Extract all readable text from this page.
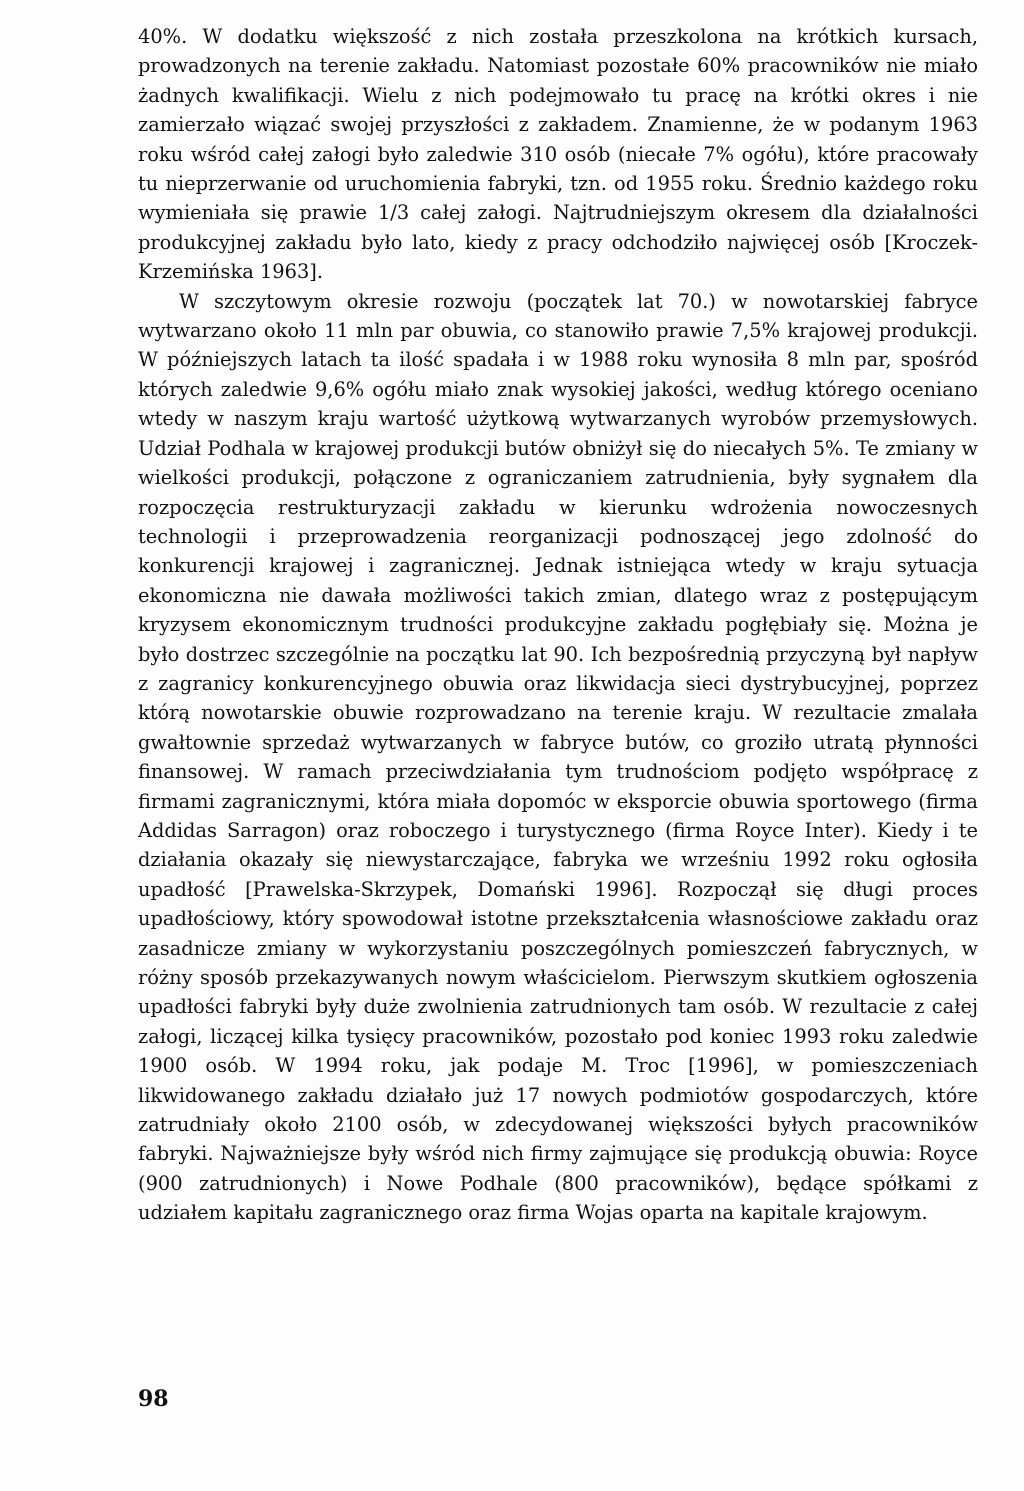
40%. W dodatku większość z nich została przeszkolona na krótkich kursach, prowadzonych na terenie zakładu. Natomiast pozostałe 60% pracowników nie miało żadnych kwalifikacji. Wielu z nich podejmowało tu pracę na krótki okres i nie zamierzało wiązać swojej przyszłości z zakładem. Znamienne, że w podanym 1963 roku wśród całej załogi było zaledwie 310 osób (niecałe 7% ogółu), które pracowały tu nieprzerwanie od uruchomienia fabryki, tzn. od 1955 roku. Średnio każdego roku wymieniała się prawie 1/3 całej załogi. Najtrudniejszym okresem dla działalności produkcyjnej zakładu było lato, kiedy z pracy odchodziło najwięcej osób [Kroczek-Krzemińska 1963].

W szczytowym okresie rozwoju (początek lat 70.) w nowotarskiej fabryce wytwarzano około 11 mln par obuwia, co stanowiło prawie 7,5% krajowej produkcji. W późniejszych latach ta ilość spadała i w 1988 roku wynosiła 8 mln par, spośród których zaledwie 9,6% ogółu miało znak wysokiej jakości, według którego oceniano wtedy w naszym kraju wartość użytkową wytwarzanych wyrobów przemysłowych. Udział Podhala w krajowej produkcji butów obniżył się do niecałych 5%. Te zmiany w wielkości produkcji, połączone z ograniczaniem zatrudnienia, były sygnałem dla rozpoczęcia restrukturyzacji zakładu w kierunku wdrożenia nowoczesnych technologii i przeprowadzenia reorganizacji podnoszącej jego zdolność do konkurencji krajowej i zagranicznej. Jednak istniejąca wtedy w kraju sytuacja ekonomiczna nie dawała możliwości takich zmian, dlatego wraz z postępującym kryzysem ekonomicznym trudności produkcyjne zakładu pogłębiały się. Można je było dostrzec szczególnie na początku lat 90. Ich bezpośrednią przyczyną był napływ z zagranicy konkurencyjnego obuwia oraz likwidacja sieci dystrybucyjnej, poprzez którą nowotarskie obuwie rozprowadzano na terenie kraju. W rezultacie zmalała gwałtownie sprzedaż wytwarzanych w fabryce butów, co groziło utratą płynności finansowej. W ramach przeciwdziałania tym trudnościom podjęto współpracę z firmami zagranicznymi, która miała dopomóc w eksporcie obuwia sportowego (firma Addidas Sarragon) oraz roboczego i turystycznego (firma Royce Inter). Kiedy i te działania okazały się niewystarczające, fabryka we wrześniu 1992 roku ogłosiła upadłość [Prawelska-Skrzypek, Domański 1996]. Rozpoczął się długi proces upadłościowy, który spowodował istotne przekształcenia własnościowe zakładu oraz zasadnicze zmiany w wykorzystaniu poszczególnych pomieszczeń fabrycznych, w różny sposób przekazywanych nowym właścicielom. Pierwszym skutkiem ogłoszenia upadłości fabryki były duże zwolnienia zatrudnionych tam osób. W rezultacie z całej załogi, liczącej kilka tysięcy pracowników, pozostało pod koniec 1993 roku zaledwie 1900 osób. W 1994 roku, jak podaje M. Troc [1996], w pomieszczeniach likwidowanego zakładu działało już 17 nowych podmiotów gospodarczych, które zatrudniały około 2100 osób, w zdecydowanej większości byłych pracowników fabryki. Najważniejsze były wśród nich firmy zajmujące się produkcją obuwia: Royce (900 zatrudnionych) i Nowe Podhale (800 pracowników), będące spółkami z udziałem kapitału zagranicznego oraz firma Wojas oparta na kapitale krajowym.

98
